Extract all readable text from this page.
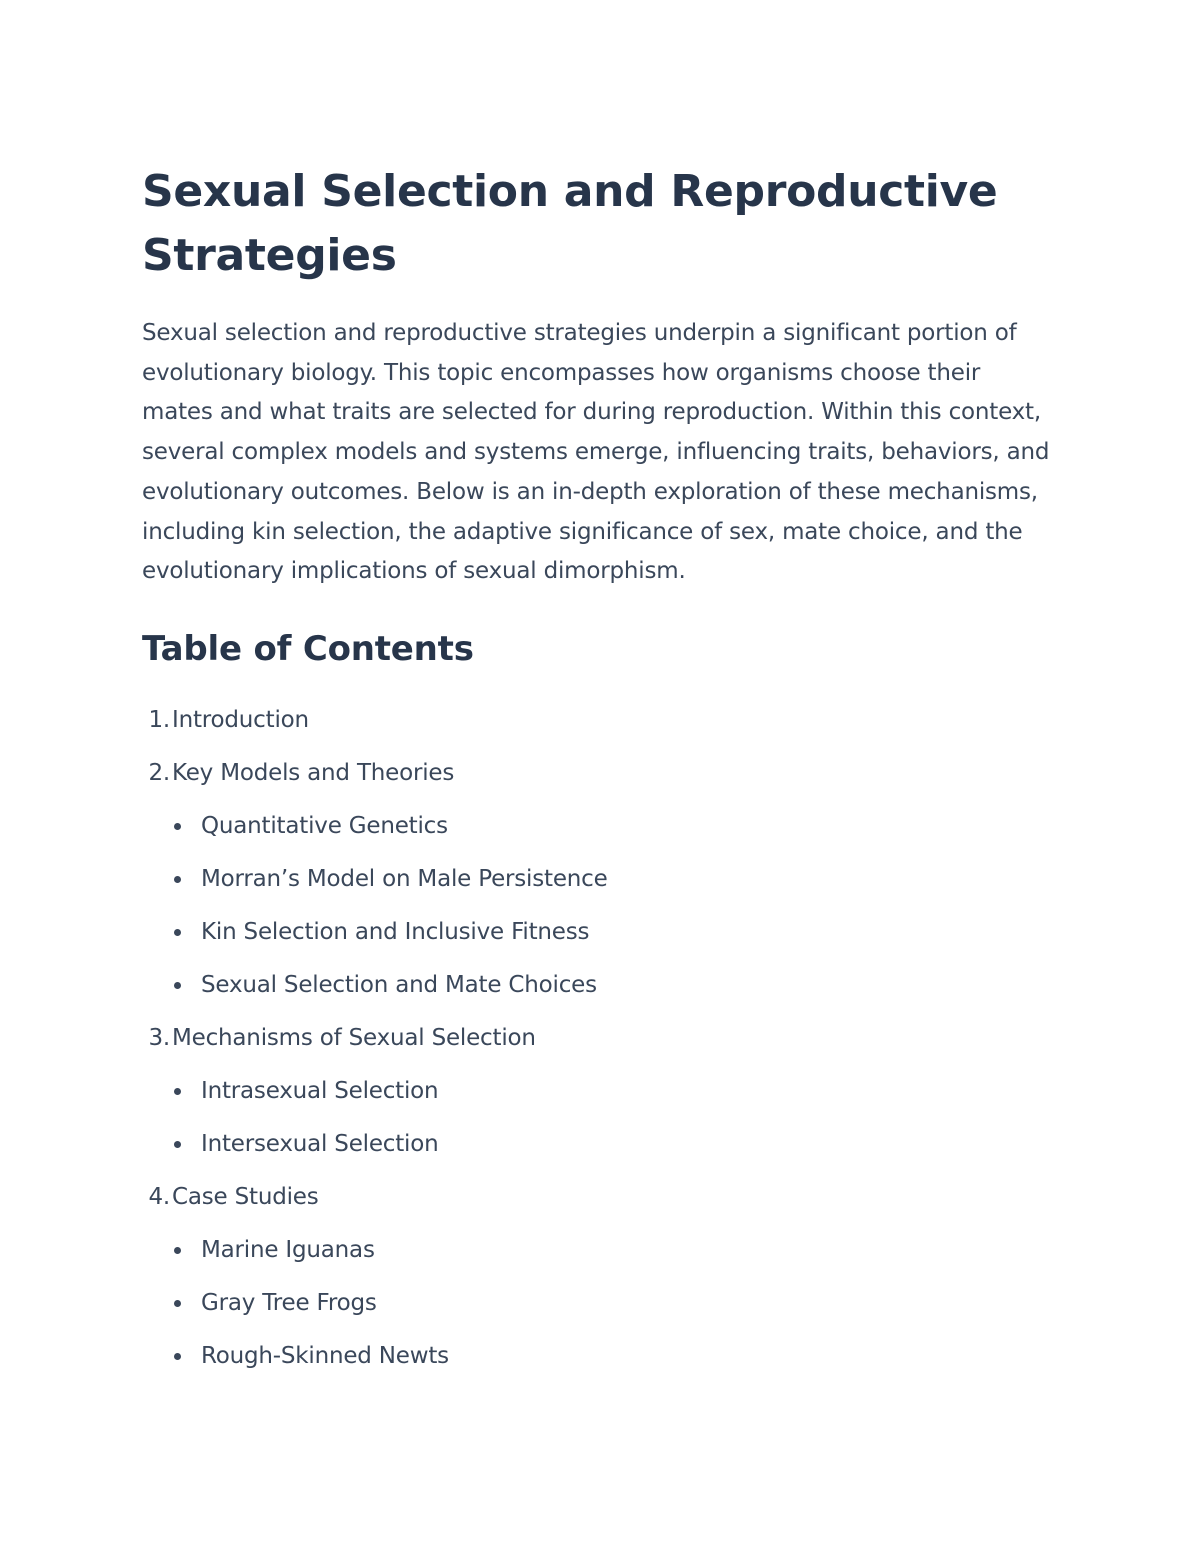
Sexual Selection and Reproductive Strategies

Sexual selection and reproductive strategies underpin a significant portion of evolutionary biology. This topic encompasses how organisms choose their mates and what traits are selected for during reproduction. Within this context, several complex models and systems emerge, influencing traits, behaviors, and evolutionary outcomes. Below is an in-depth exploration of these mechanisms, including kin selection, the adaptive significance of sex, mate choice, and the evolutionary implications of sexual dimorphism.

Table of Contents
1. Introduction
2. Key Models and Theories
Quantitative Genetics
Morran’s Model on Male Persistence
Kin Selection and Inclusive Fitness
Sexual Selection and Mate Choices
3. Mechanisms of Sexual Selection
Intrasexual Selection
Intersexual Selection
4. Case Studies
Marine Iguanas
Gray Tree Frogs
Rough-Skinned Newts
